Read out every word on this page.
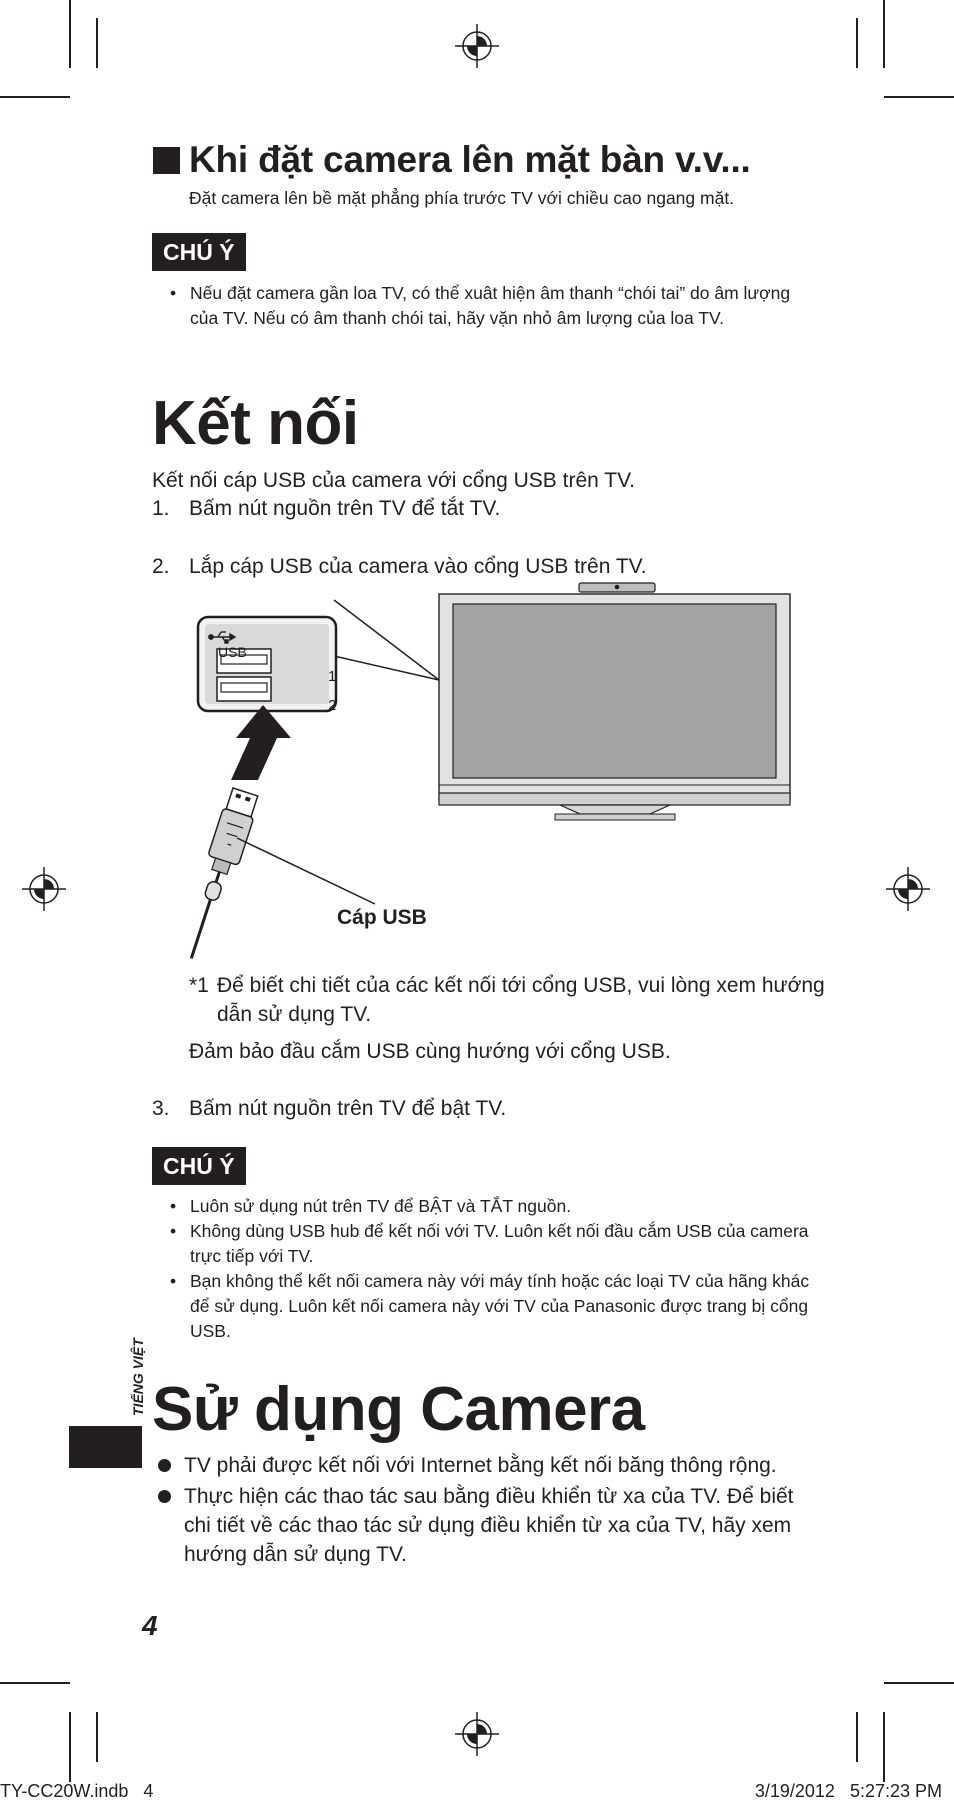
Khi đặt camera lên mặt bàn v.v...
Đặt camera lên bề mặt phẳng phía trước TV với chiều cao ngang mặt.
CHÚ Ý
• Nếu đặt camera gần loa TV, có thể xuât hiện âm thanh “chói tai” do âm lượng của TV. Nếu có âm thanh chói tai, hãy vặn nhỏ âm lượng của loa TV.
Kết nối
Kết nối cáp USB của camera với cổng USB trên TV.
1. Bấm nút nguồn trên TV để tắt TV.
2. Lắp cáp USB của camera vào cổng USB trên TV.
USB
1
2
Cáp USB
*1 Để biết chi tiết của các kết nối tới cổng USB, vui lòng xem hướng dẫn sử dụng TV.
Đảm bảo đầu cắm USB cùng hướng với cổng USB.
3. Bấm nút nguồn trên TV để bật TV.
CHÚ Ý
• Luôn sử dụng nút trên TV để BẬT và TẮT nguồn.
• Không dùng USB hub để kết nối với TV. Luôn kết nối đầu cắm USB của camera trực tiếp với TV.
• Bạn không thể kết nối camera này với máy tính hoặc các loại TV của hãng khác để sử dụng. Luôn kết nối camera này với TV của Panasonic được trang bị cổng USB.
TIẾNG VIỆT Sử dụng Camera
TV phải được kết nối với Internet bằng kết nối băng thông rộng.
Thực hiện các thao tác sau bằng điều khiển từ xa của TV. Để biết chi tiết về các thao tác sử dụng điều khiển từ xa của TV, hãy xem hướng dẫn sử dụng TV.
4
TY-CC20W.indb   4	3/19/2012   5:27:23 PM
